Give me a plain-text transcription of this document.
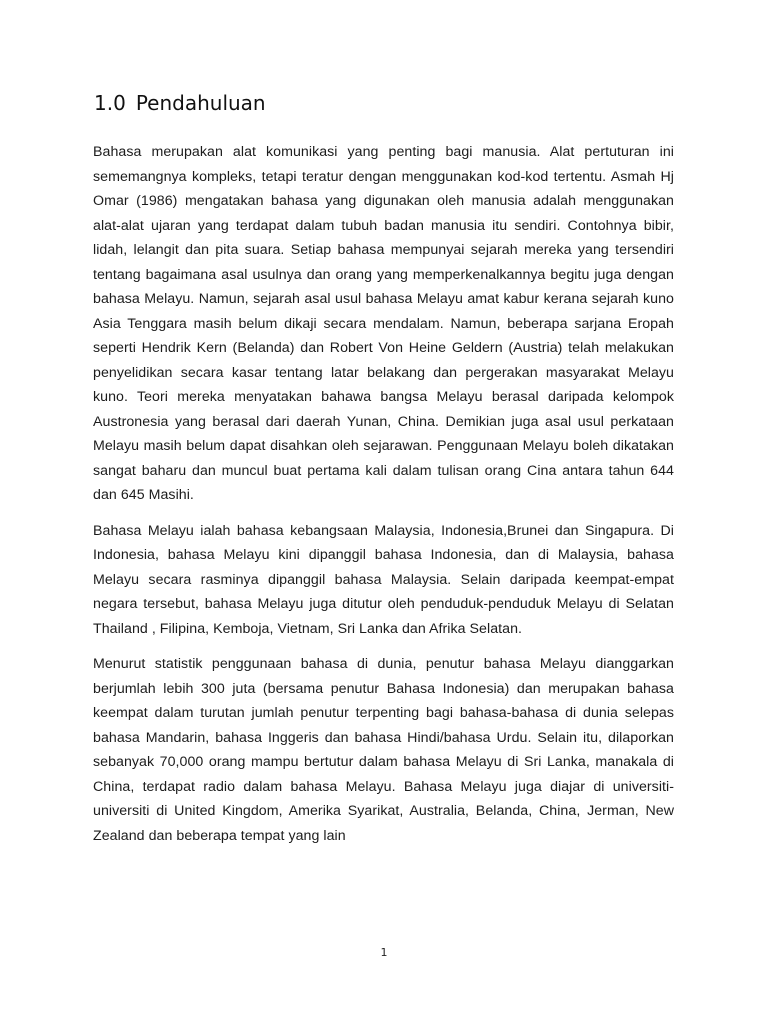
1.0 Pendahuluan

Bahasa merupakan alat komunikasi yang penting bagi manusia. Alat pertuturan ini sememangnya kompleks, tetapi teratur dengan menggunakan kod-kod tertentu. Asmah Hj Omar (1986) mengatakan bahasa yang digunakan oleh manusia adalah menggunakan alat-alat ujaran yang terdapat dalam tubuh badan manusia itu sendiri. Contohnya bibir, lidah, lelangit dan pita suara. Setiap bahasa mempunyai sejarah mereka yang tersendiri tentang bagaimana asal usulnya dan orang yang memperkenalkannya begitu juga dengan bahasa Melayu. Namun, sejarah asal usul bahasa Melayu amat kabur kerana sejarah kuno Asia Tenggara masih belum dikaji secara mendalam. Namun, beberapa sarjana Eropah seperti Hendrik Kern (Belanda) dan Robert Von Heine Geldern (Austria) telah melakukan penyelidikan secara kasar tentang latar belakang dan pergerakan masyarakat Melayu kuno. Teori mereka menyatakan bahawa bangsa Melayu berasal daripada kelompok Austronesia yang berasal dari daerah Yunan, China. Demikian juga asal usul perkataan Melayu masih belum dapat disahkan oleh sejarawan. Penggunaan Melayu boleh dikatakan sangat baharu dan muncul buat pertama kali dalam tulisan orang Cina antara tahun 644 dan 645 Masihi.

Bahasa Melayu ialah bahasa kebangsaan Malaysia, Indonesia,Brunei dan Singapura. Di Indonesia, bahasa Melayu kini dipanggil bahasa Indonesia, dan di Malaysia, bahasa Melayu secara rasminya dipanggil bahasa Malaysia. Selain daripada keempat-empat negara tersebut, bahasa Melayu juga ditutur oleh penduduk-penduduk Melayu di Selatan Thailand , Filipina, Kemboja, Vietnam, Sri Lanka dan Afrika Selatan.

Menurut statistik penggunaan bahasa di dunia, penutur bahasa Melayu dianggarkan berjumlah lebih 300 juta (bersama penutur Bahasa Indonesia) dan merupakan bahasa keempat dalam turutan jumlah penutur terpenting bagi bahasa-bahasa di dunia selepas bahasa Mandarin, bahasa Inggeris dan bahasa Hindi/bahasa Urdu. Selain itu, dilaporkan sebanyak 70,000 orang mampu bertutur dalam bahasa Melayu di Sri Lanka, manakala di China, terdapat radio dalam bahasa Melayu. Bahasa Melayu juga diajar di universiti-universiti di United Kingdom, Amerika Syarikat, Australia, Belanda, China, Jerman, New Zealand dan beberapa tempat yang lain

1
